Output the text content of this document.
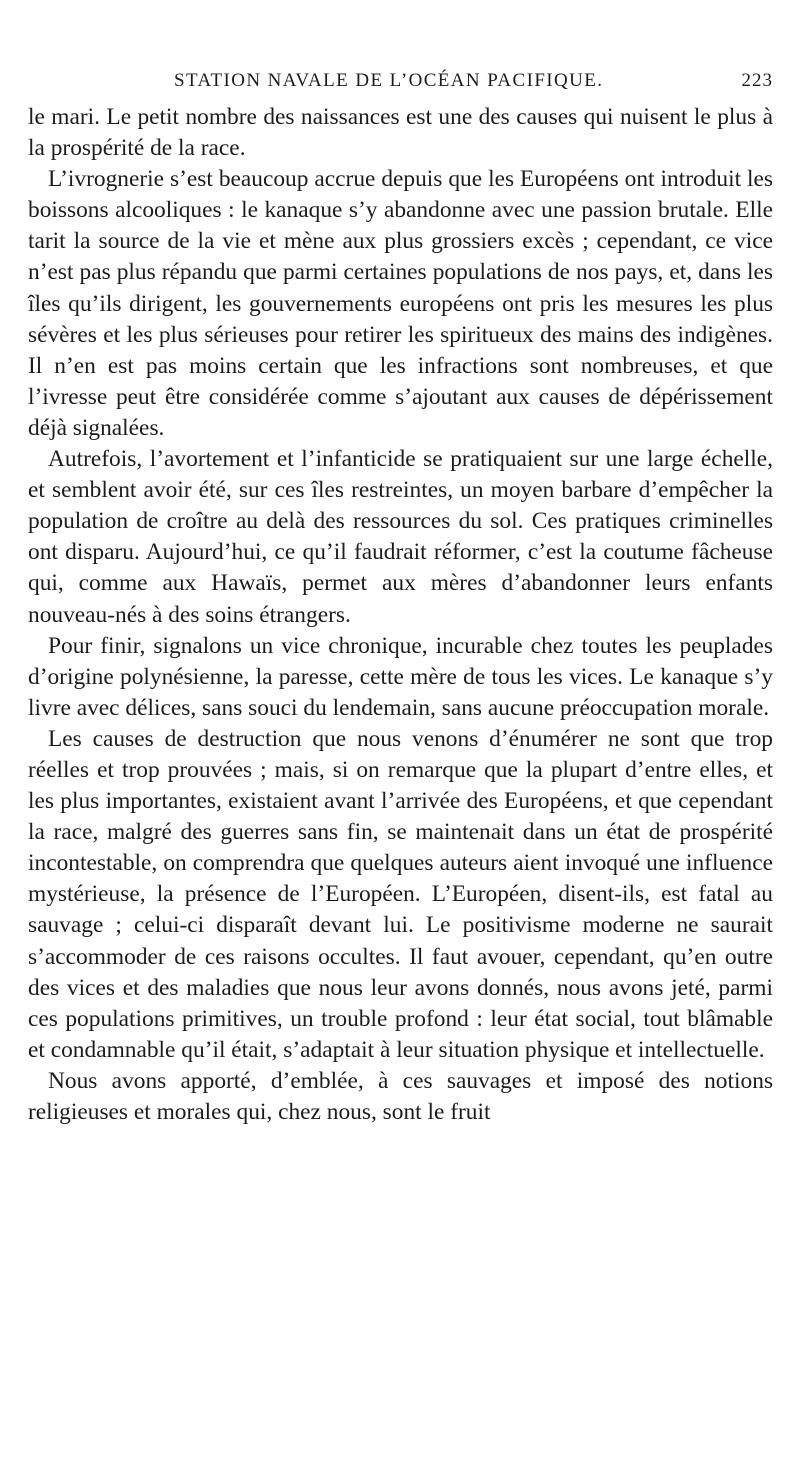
STATION NAVALE DE L’OCÉAN PACIFIQUE.	223

le mari. Le petit nombre des naissances est une des causes qui nuisent le plus à la prospérité de la race.

L’ivrognerie s’est beaucoup accrue depuis que les Européens ont introduit les boissons alcooliques : le kanaque s’y abandonne avec une passion brutale. Elle tarit la source de la vie et mène aux plus grossiers excès ; cependant, ce vice n’est pas plus répandu que parmi certaines populations de nos pays, et, dans les îles qu’ils dirigent, les gouvernements européens ont pris les mesures les plus sévères et les plus sérieuses pour retirer les spiritueux des mains des indigènes. Il n’en est pas moins certain que les infractions sont nombreuses, et que l’ivresse peut être considérée comme s’ajoutant aux causes de dépérissement déjà signalées.

Autrefois, l’avortement et l’infanticide se pratiquaient sur une large échelle, et semblent avoir été, sur ces îles restreintes, un moyen barbare d’empêcher la population de croître au delà des ressources du sol. Ces pratiques criminelles ont disparu. Aujourd’hui, ce qu’il faudrait réformer, c’est la coutume fâcheuse qui, comme aux Hawaïs, permet aux mères d’abandonner leurs enfants nouveau-nés à des soins étrangers.

Pour finir, signalons un vice chronique, incurable chez toutes les peuplades d’origine polynésienne, la paresse, cette mère de tous les vices. Le kanaque s’y livre avec délices, sans souci du lendemain, sans aucune préoccupation morale.

Les causes de destruction que nous venons d’énumérer ne sont que trop réelles et trop prouvées ; mais, si on remarque que la plupart d’entre elles, et les plus importantes, existaient avant l’arrivée des Européens, et que cependant la race, malgré des guerres sans fin, se maintenait dans un état de prospérité incontestable, on comprendra que quelques auteurs aient invoqué une influence mystérieuse, la présence de l’Européen. L’Européen, disent-ils, est fatal au sauvage ; celui-ci disparaît devant lui. Le positivisme moderne ne saurait s’accommoder de ces raisons occultes. Il faut avouer, cependant, qu’en outre des vices et des maladies que nous leur avons donnés, nous avons jeté, parmi ces populations primitives, un trouble profond : leur état social, tout blâmable et condamnable qu’il était, s’adaptait à leur situation physique et intellectuelle.

Nous avons apporté, d’emblée, à ces sauvages et imposé des notions religieuses et morales qui, chez nous, sont le fruit
